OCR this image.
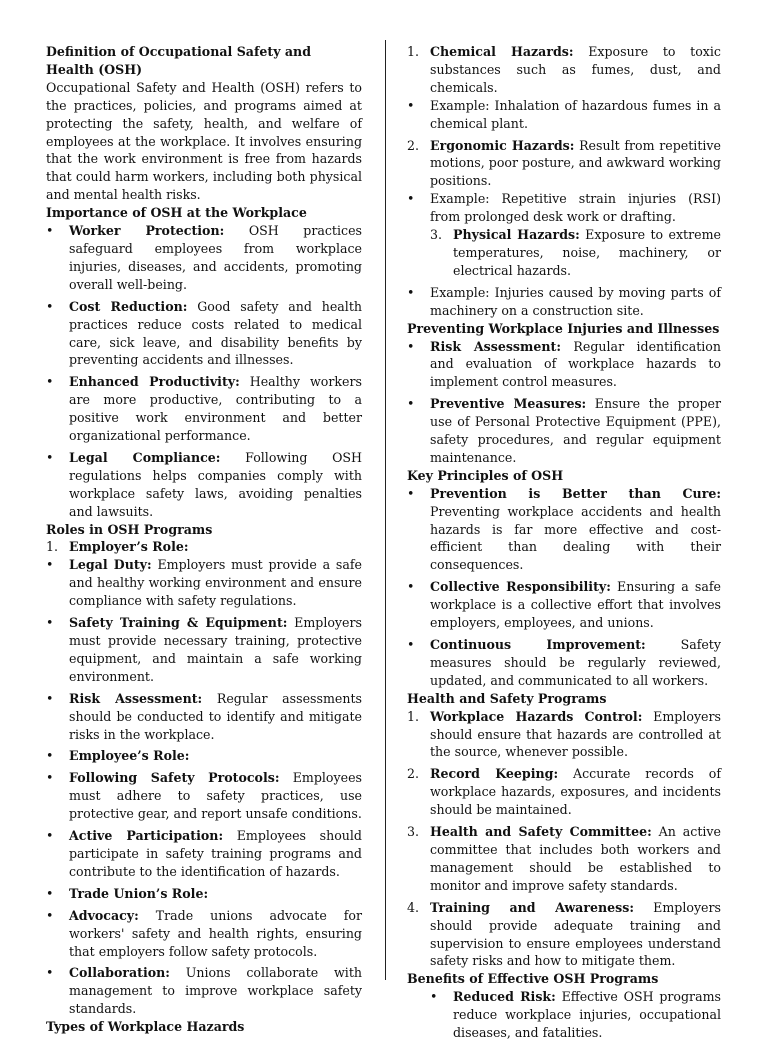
Definition of Occupational Safety and Health (OSH)

Occupational Safety and Health (OSH) refers to the practices, policies, and programs aimed at protecting the safety, health, and welfare of employees at the workplace. It involves ensuring that the work environment is free from hazards that could harm workers, including both physical and mental health risks.

Importance of OSH at the Workplace
•	Worker Protection: OSH practices safeguard employees from workplace injuries, diseases, and accidents, promoting overall well-being.
•	Cost Reduction: Good safety and health practices reduce costs related to medical care, sick leave, and disability benefits by preventing accidents and illnesses.
•	Enhanced Productivity: Healthy workers are more productive, contributing to a positive work environment and better organizational performance.
•	Legal Compliance: Following OSH regulations helps companies comply with workplace safety laws, avoiding penalties and lawsuits.
Roles in OSH Programs
1. Employer’s Role:
•	Legal Duty: Employers must provide a safe and healthy working environment and ensure compliance with safety regulations.
•	Safety Training & Equipment: Employers must provide necessary training, protective equipment, and maintain a safe working environment.
•	Risk Assessment: Regular assessments should be conducted to identify and mitigate risks in the workplace.
•	Employee’s Role:
•	Following Safety Protocols: Employees must adhere to safety practices, use protective gear, and report unsafe conditions.
•	Active Participation: Employees should participate in safety training programs and contribute to the identification of hazards.
•	Trade Union’s Role:
•	Advocacy: Trade unions advocate for workers' safety and health rights, ensuring that employers follow safety protocols.
•	Collaboration: Unions collaborate with management to improve workplace safety standards.
Types of Workplace Hazards
1. Chemical Hazards: Exposure to toxic substances such as fumes, dust, and chemicals.
•	Example: Inhalation of hazardous fumes in a chemical plant.
2. Ergonomic Hazards: Result from repetitive motions, poor posture, and awkward working positions.
•	Example: Repetitive strain injuries (RSI) from prolonged desk work or drafting.
3. Physical Hazards: Exposure to extreme temperatures, noise, machinery, or electrical hazards.
•	Example: Injuries caused by moving parts of machinery on a construction site.
Preventing Workplace Injuries and Illnesses
•	Risk Assessment: Regular identification and evaluation of workplace hazards to implement control measures.
•	Preventive Measures: Ensure the proper use of Personal Protective Equipment (PPE), safety procedures, and regular equipment maintenance.
Key Principles of OSH
•	Prevention is Better than Cure: Preventing workplace accidents and health hazards is far more effective and cost-efficient than dealing with their consequences.
•	Collective Responsibility: Ensuring a safe workplace is a collective effort that involves employers, employees, and unions.
•	Continuous Improvement:	Safety measures should be regularly reviewed, updated, and communicated to all workers.
Health and Safety Programs
1. Workplace Hazards Control: Employers should ensure that hazards are controlled at the source, whenever possible.
2. Record Keeping: Accurate records of workplace hazards, exposures, and incidents should be maintained.
3. Health and Safety Committee: An active committee that includes both workers and management should be established to monitor and improve safety standards.
4. Training and Awareness: Employers should provide adequate training and supervision to ensure employees understand safety risks and how to mitigate them.
Benefits of Effective OSH Programs
•	Reduced Risk: Effective OSH programs reduce workplace injuries, occupational diseases, and fatalities.
